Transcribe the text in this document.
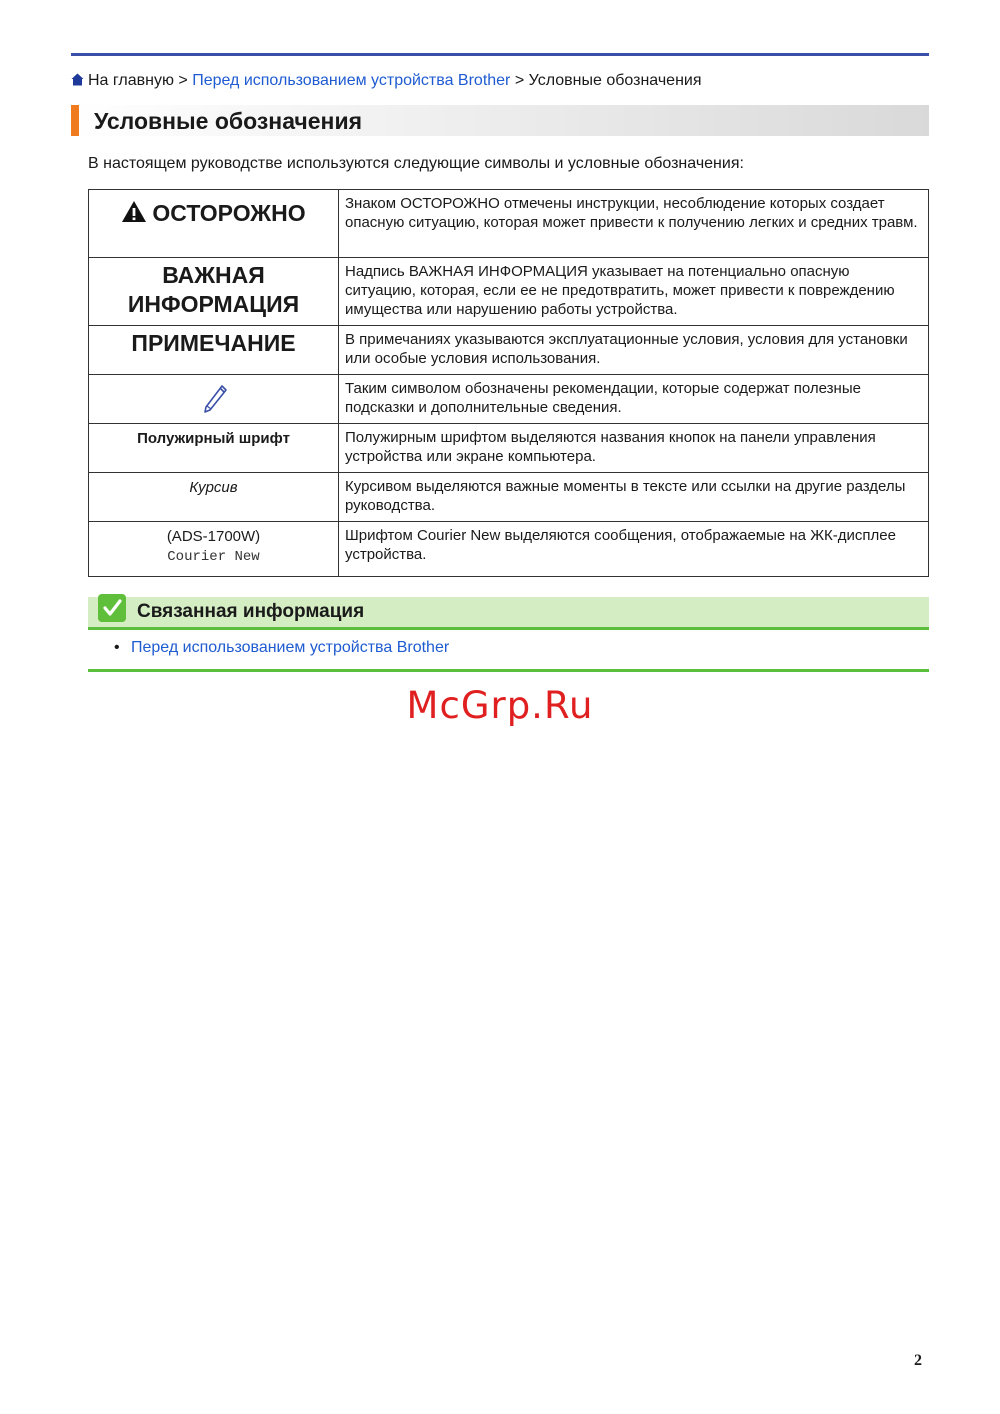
На главную > Перед использованием устройства Brother > Условные обозначения
Условные обозначения
В настоящем руководстве используются следующие символы и условные обозначения:
ОСТОРОЖНО	Знаком ОСТОРОЖНО отмечены инструкции, несоблюдение которых создает опасную ситуацию, которая может привести к получению легких и средних травм.

ВАЖНАЯ
ИНФОРМАЦИЯ	Надпись ВАЖНАЯ ИНФОРМАЦИЯ указывает на потенциально опасную ситуацию, которая, если ее не предотвратить, может привести к повреждению имущества или нарушению работы устройства.

ПРИМЕЧАНИЕ	В примечаниях указываются эксплуатационные условия, условия для установки или особые условия использования.
	Таким символом обозначены рекомендации, которые содержат полезные подсказки и дополнительные сведения.

Полужирный шрифт	Полужирным шрифтом выделяются названия кнопок на панели управления устройства или экране компьютера.

Курсив	Курсивом выделяются важные моменты в тексте или ссылки на другие разделы руководства.

(ADS-1700W)
Courier New	Шрифтом Courier New выделяются сообщения, отображаемые на ЖК-дисплее устройства.
Связанная информация
• Перед использованием устройства Brother
McGrp.Ru
2
